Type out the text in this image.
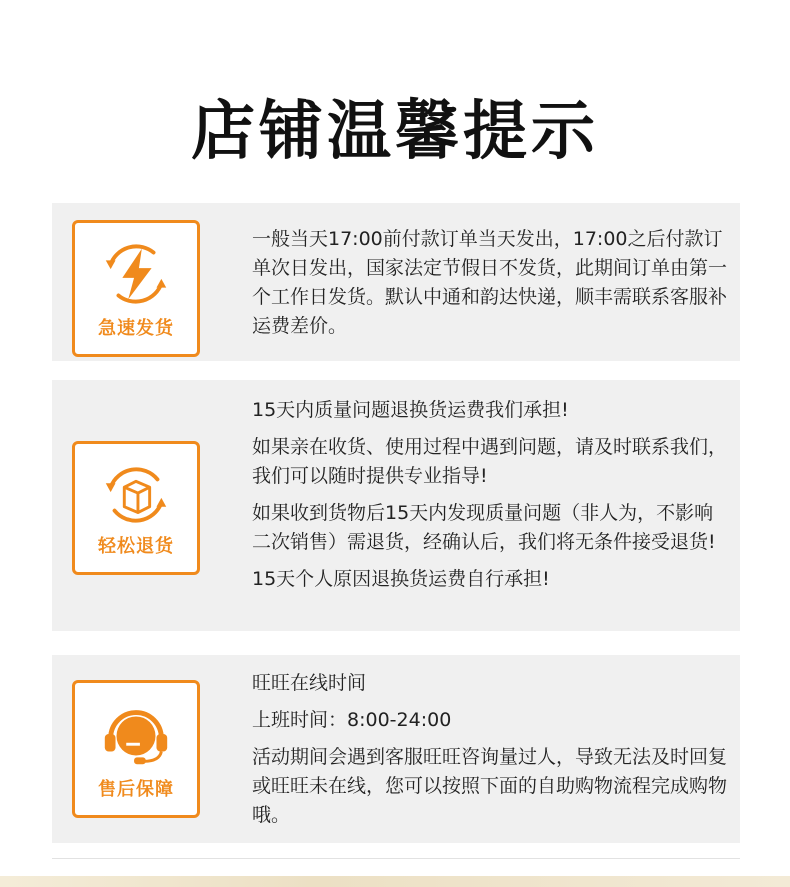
店铺温馨提示
急速发货

一般当天17:00前付款订单当天发出，17:00之后付款订单次日发出，国家法定节假日不发货，此期间订单由第一个工作日发货。默认中通和韵达快递，顺丰需联系客服补运费差价。

轻松退货

15天内质量问题退换货运费我们承担!

如果亲在收货、使用过程中遇到问题，请及时联系我们，我们可以随时提供专业指导!

如果收到货物后15天内发现质量问题（非人为，不影响二次销售）需退货，经确认后，我们将无条件接受退货!

15天个人原因退换货运费自行承担!

售后保障

旺旺在线时间

上班时间：8:00-24:00

活动期间会遇到客服旺旺咨询量过人，导致无法及时回复或旺旺未在线，您可以按照下面的自助购物流程完成购物哦。
